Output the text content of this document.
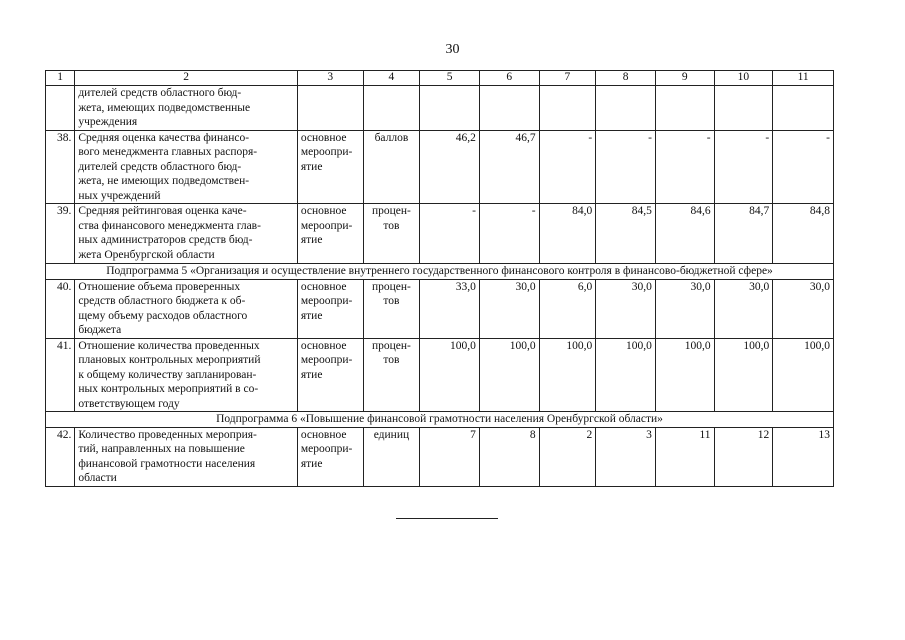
30
1	2	3	4	5	6	7	8	9	10	11
	дителей средств областного бюд-
жета, имеющих подведомственные
учреждения									
38.	Средняя оценка качества финансо-
вого менеджмента главных распоря-
дителей средств областного бюд-
жета, не имеющих подведомствен-
ных учреждений	основное
мероопри-
ятие	баллов	46,2	46,7	-	-	-	-	-
39.	Средняя рейтинговая оценка каче-
ства финансового менеджмента глав-
ных администраторов средств бюд-
жета Оренбургской области	основное
мероопри-
ятие	процен-
тов	-	-	84,0	84,5	84,6	84,7	84,8
Подпрограмма 5 «Организация и осуществление внутреннего государственного финансового контроля в финансово-бюджетной сфере»										
40.	Отношение объема проверенных
средств областного бюджета к об-
щему объему расходов областного
бюджета	основное
мероопри-
ятие	процен-
тов	33,0	30,0	6,0	30,0	30,0	30,0	30,0
41.	Отношение количества проведенных
плановых контрольных мероприятий
к общему количеству запланирован-
ных контрольных мероприятий в со-
ответствующем году	основное
мероопри-
ятие	процен-
тов	100,0	100,0	100,0	100,0	100,0	100,0	100,0
Подпрограмма 6 «Повышение финансовой грамотности населения Оренбургской области»										
42.	Количество проведенных мероприя-
тий, направленных на повышение
финансовой грамотности населения
области	основное
мероопри-
ятие	единиц	7	8	2	3	11	12	13
